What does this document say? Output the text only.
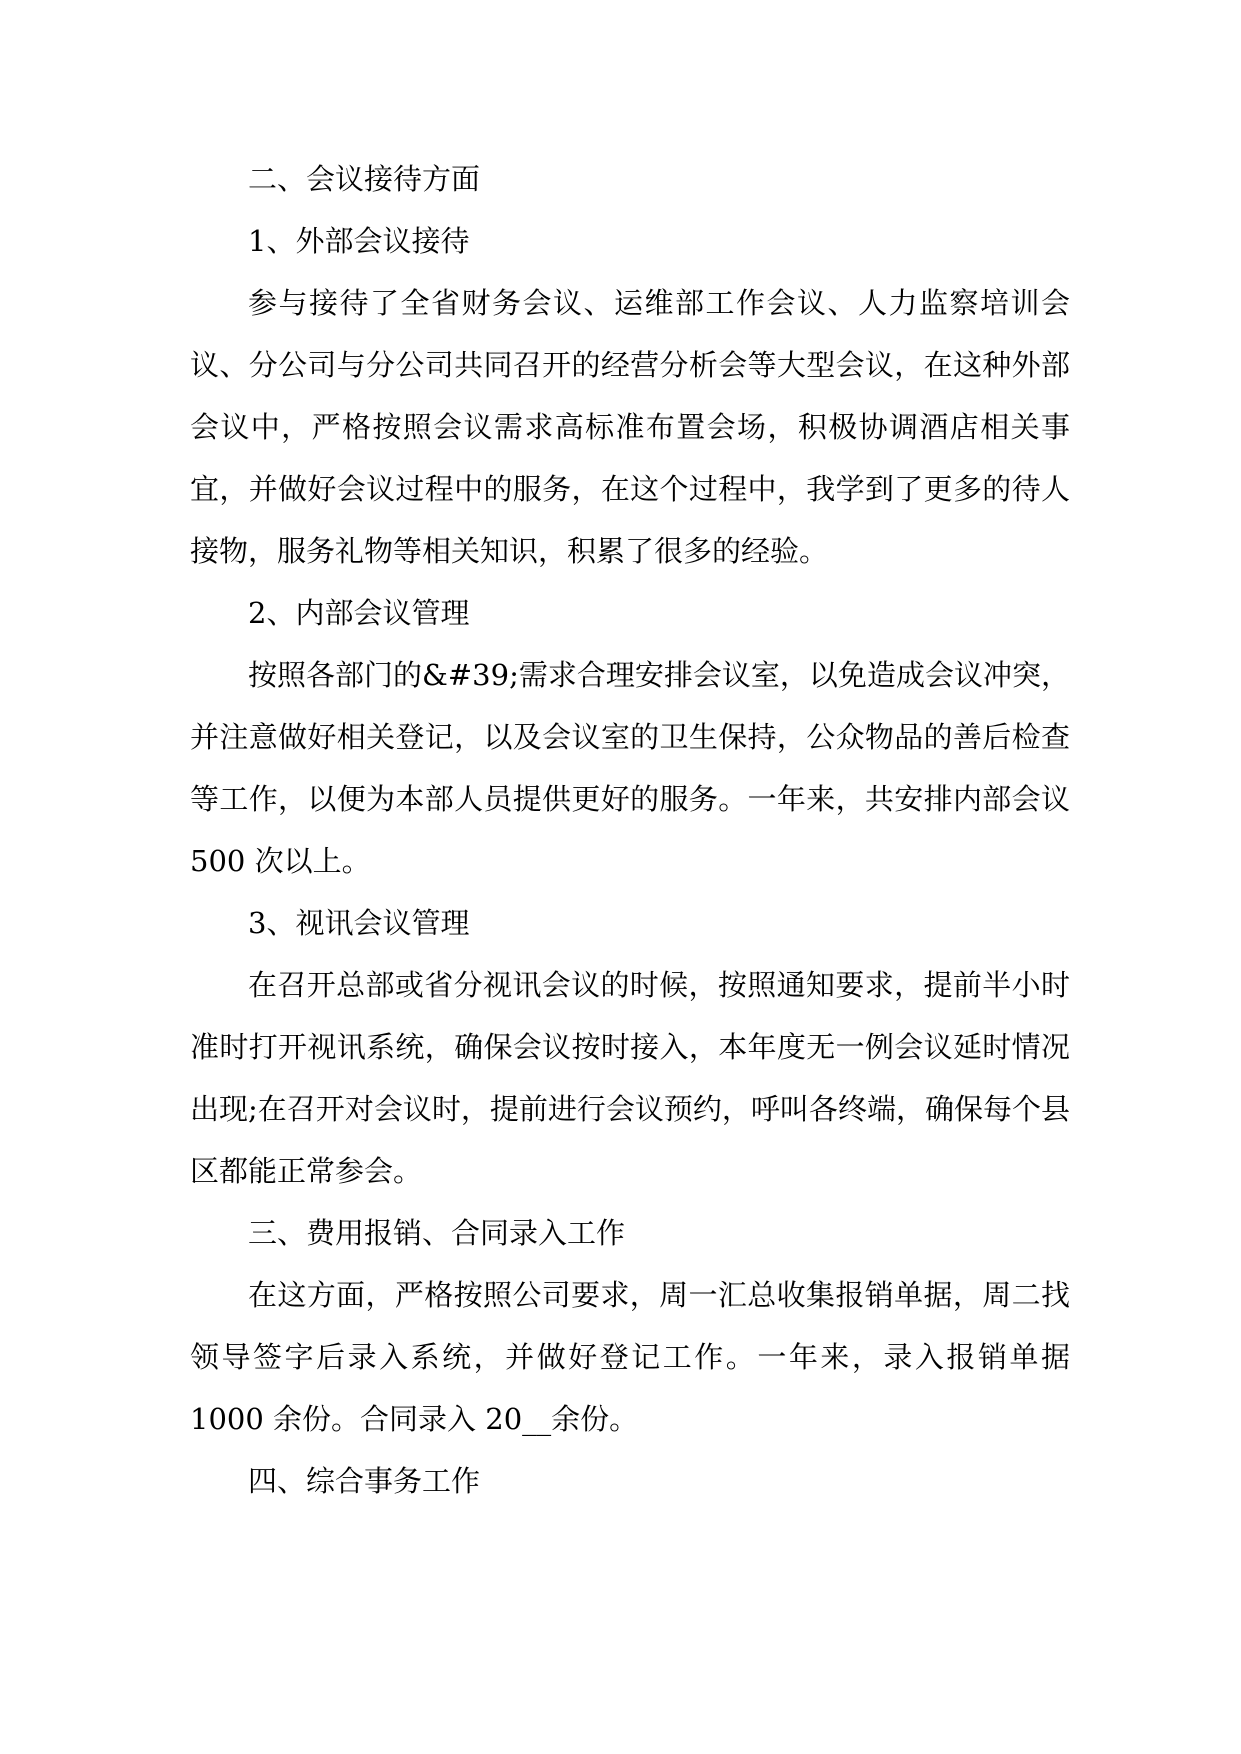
二、会议接待方面

1、外部会议接待

参与接待了全省财务会议、运维部工作会议、人力监察培训会议、分公司与分公司共同召开的经营分析会等大型会议，在这种外部会议中，严格按照会议需求高标准布置会场，积极协调酒店相关事宜，并做好会议过程中的服务，在这个过程中，我学到了更多的待人接物，服务礼物等相关知识，积累了很多的经验。

2、内部会议管理

按照各部门的&#39;需求合理安排会议室，以免造成会议冲突，并注意做好相关登记，以及会议室的卫生保持，公众物品的善后检查等工作，以便为本部人员提供更好的服务。一年来，共安排内部会议 500 次以上。

3、视讯会议管理

在召开总部或省分视讯会议的时候，按照通知要求，提前半小时准时打开视讯系统，确保会议按时接入，本年度无一例会议延时情况出现;在召开对会议时，提前进行会议预约，呼叫各终端，确保每个县区都能正常参会。

三、费用报销、合同录入工作

在这方面，严格按照公司要求，周一汇总收集报销单据，周二找领导签字后录入系统，并做好登记工作。一年来，录入报销单据 1000 余份。合同录入 20__余份。

四、综合事务工作
